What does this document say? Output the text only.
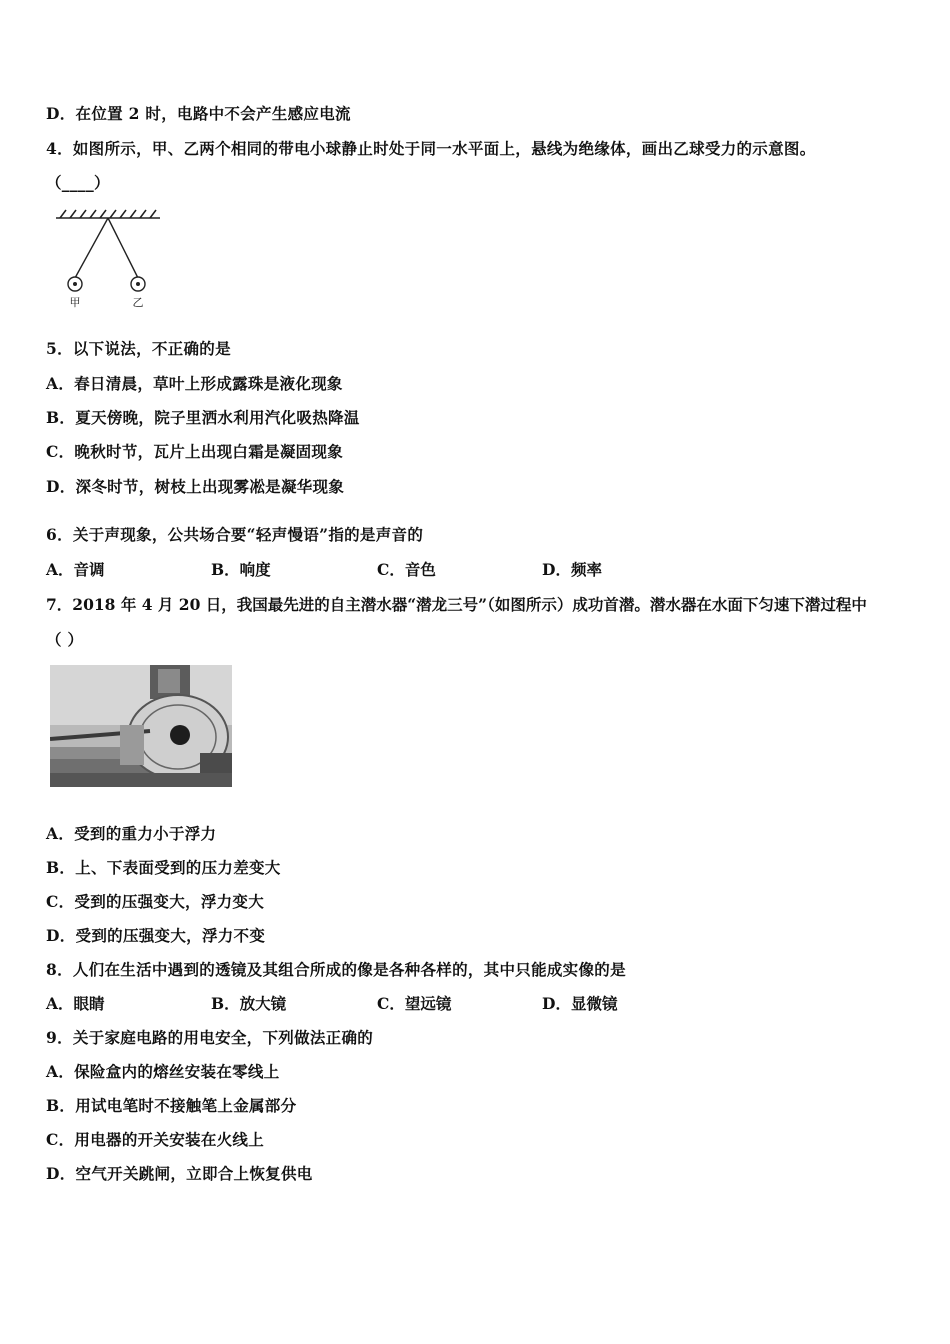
D．在位置 2 时，电路中不会产生感应电流
4．如图所示，甲、乙两个相同的带电小球静止时处于同一水平面上，悬线为绝缘体，画出乙球受力的示意图。
（____）
甲	乙
5．以下说法，不正确的是
A．春日清晨，草叶上形成露珠是液化现象
B．夏天傍晚，院子里洒水利用汽化吸热降温
C．晚秋时节，瓦片上出现白霜是凝固现象
D．深冬时节，树枝上出现雾凇是凝华现象
6．关于声现象，公共场合要“轻声慢语”指的是声音的
A．音调	B．响度	C．音色	D．频率
7．2018 年 4 月 20 日，我国最先进的自主潜水器“潜龙三号”（如图所示）成功首潜。潜水器在水面下匀速下潜过程中
（ ）
A．受到的重力小于浮力
B．上、下表面受到的压力差变大
C．受到的压强变大，浮力变大
D．受到的压强变大，浮力不变
8．人们在生活中遇到的透镜及其组合所成的像是各种各样的，其中只能成实像的是
A．眼睛	B．放大镜	C．望远镜	D．显微镜
9．关于家庭电路的用电安全，下列做法正确的
A．保险盒内的熔丝安装在零线上
B．用试电笔时不接触笔上金属部分
C．用电器的开关安装在火线上
D．空气开关跳闸，立即合上恢复供电
